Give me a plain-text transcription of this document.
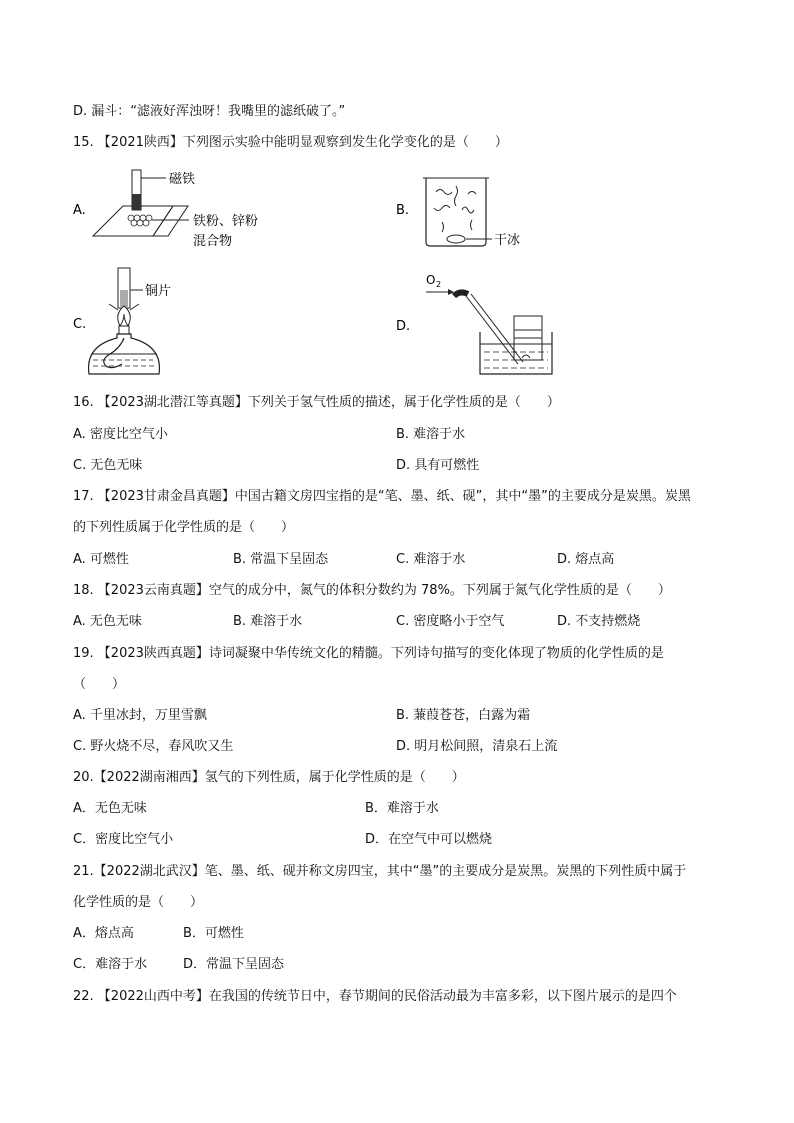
D. 漏斗：“滤液好浑浊呀！我嘴里的滤纸破了。”
15. 【2021陕西】下列图示实验中能明显观察到发生化学变化的是（　　）
A.
磁铁
铁粉、锌粉
混合物
B.
干冰
C.
铜片
D.
O 2
16. 【2023湖北潜江等真题】下列关于氢气性质的描述，属于化学性质的是（　　）
A. 密度比空气小	B. 难溶于水
C. 无色无味	D. 具有可燃性
17. 【2023甘肃金昌真题】中国古籍文房四宝指的是“笔、墨、纸、砚”，其中“墨”的主要成分是炭黑。炭黑
的下列性质属于化学性质的是（　　）
A. 可燃性	B. 常温下呈固态	C. 难溶于水	D. 熔点高
18. 【2023云南真题】空气的成分中，氮气的体积分数约为 78%。下列属于氮气化学性质的是（　　）
A. 无色无味	B. 难溶于水	C. 密度略小于空气	D. 不支持燃烧
19. 【2023陕西真题】诗词凝聚中华传统文化的精髓。下列诗句描写的变化体现了物质的化学性质的是
（　　）
A. 千里冰封，万里雪飘	B. 蒹葭苍苍，白露为霜
C. 野火烧不尽，春风吹又生	D. 明月松间照，清泉石上流
20.【2022湖南湘西】氢气的下列性质，属于化学性质的是（　　）
A．无色无味	B．难溶于水
C．密度比空气小	D．在空气中可以燃烧
21.【2022湖北武汉】笔、墨、纸、砚并称文房四宝，其中“墨”的主要成分是炭黑。炭黑的下列性质中属于
化学性质的是（　　）
A．熔点高	B．可燃性
C．难溶于水	D．常温下呈固态
22. 【2022山西中考】在我国的传统节日中，春节期间的民俗活动最为丰富多彩，以下图片展示的是四个
